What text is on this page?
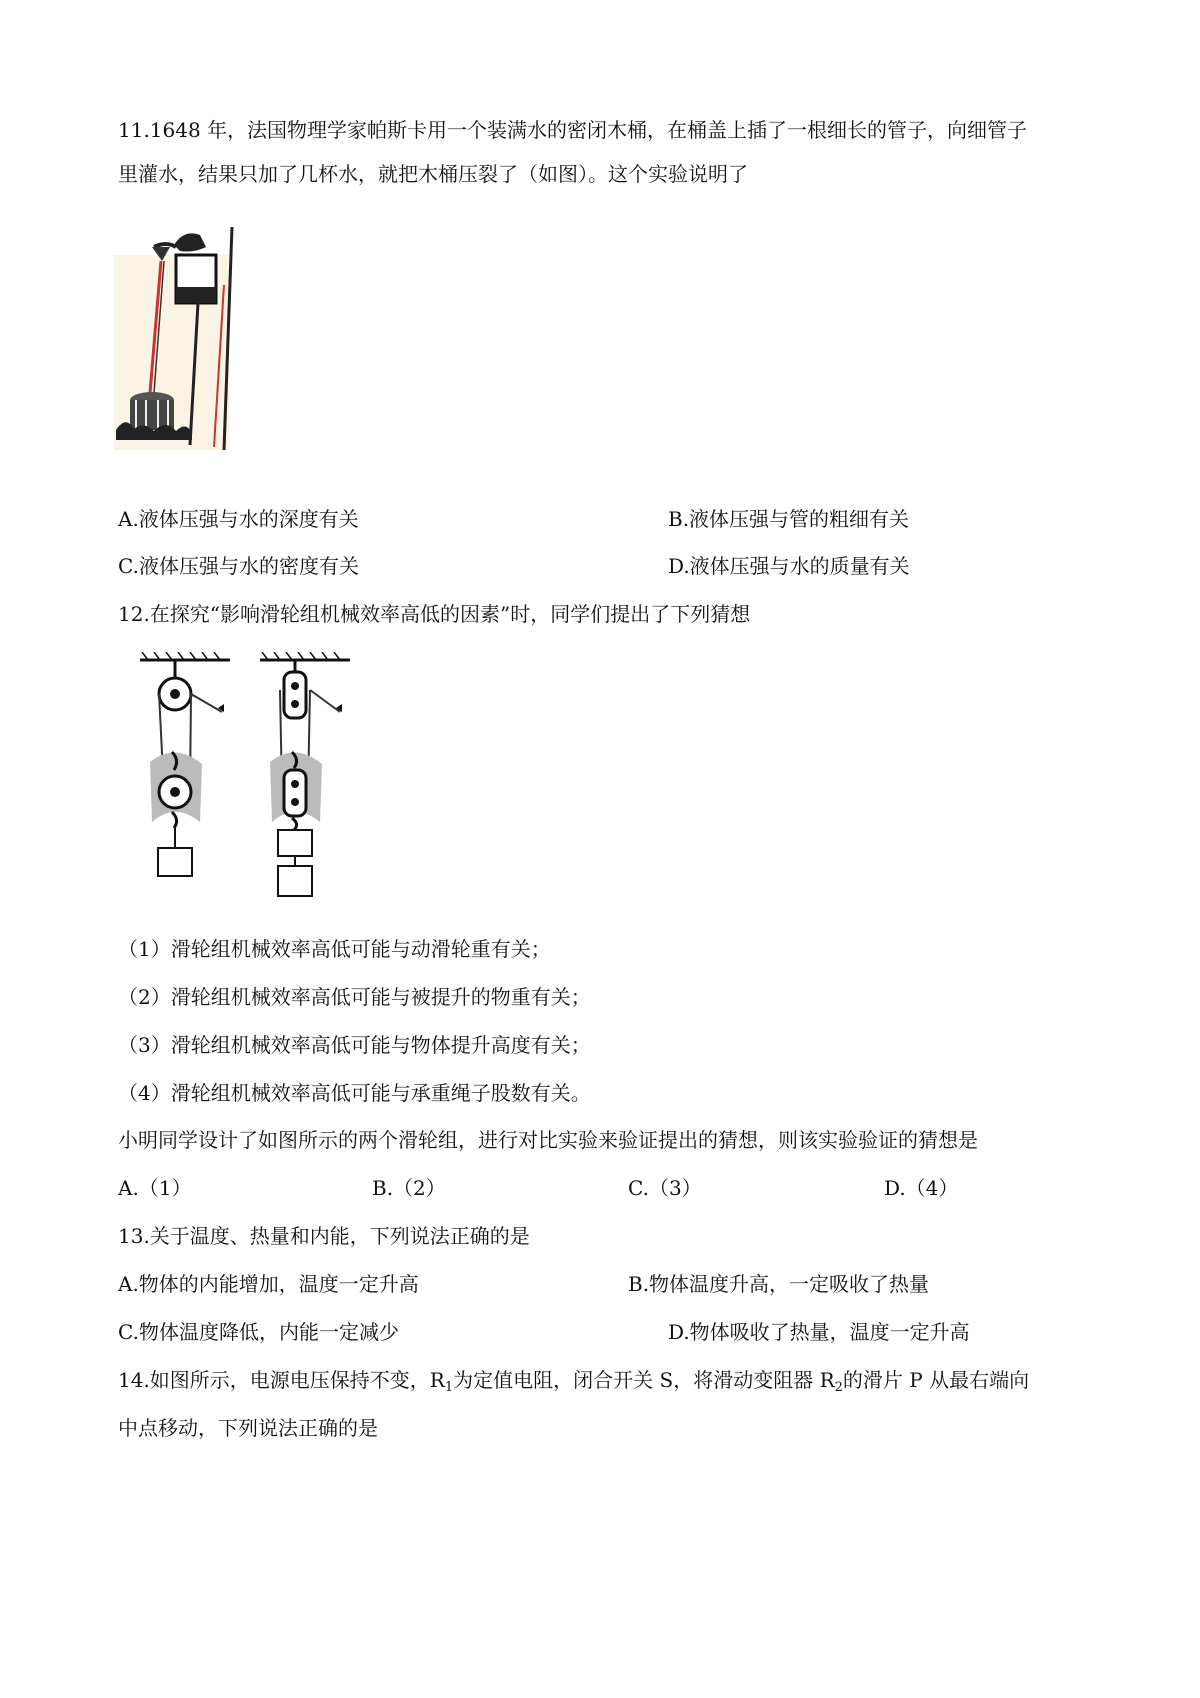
11.1648 年，法国物理学家帕斯卡用一个装满水的密闭木桶，在桶盖上插了一根细长的管子，向细管子
里灌水，结果只加了几杯水，就把木桶压裂了（如图）。这个实验说明了
A.液体压强与水的深度有关	B.液体压强与管的粗细有关
C.液体压强与水的密度有关	D.液体压强与水的质量有关
12.在探究“影响滑轮组机械效率高低的因素”时，同学们提出了下列猜想
（1）滑轮组机械效率高低可能与动滑轮重有关；
（2）滑轮组机械效率高低可能与被提升的物重有关；
（3）滑轮组机械效率高低可能与物体提升高度有关；
（4）滑轮组机械效率高低可能与承重绳子股数有关。
小明同学设计了如图所示的两个滑轮组，进行对比实验来验证提出的猜想，则该实验验证的猜想是
A.（1）	B.（2）	C.（3）	D.（4）
13.关于温度、热量和内能，下列说法正确的是
A.物体的内能增加，温度一定升高	B.物体温度升高，一定吸收了热量
C.物体温度降低，内能一定减少	D.物体吸收了热量，温度一定升高
14.如图所示，电源电压保持不变，$R_1$为定值电阻，闭合开关 S，将滑动变阻器 $R_2$的滑片 P 从最右端向
中点移动，下列说法正确的是
